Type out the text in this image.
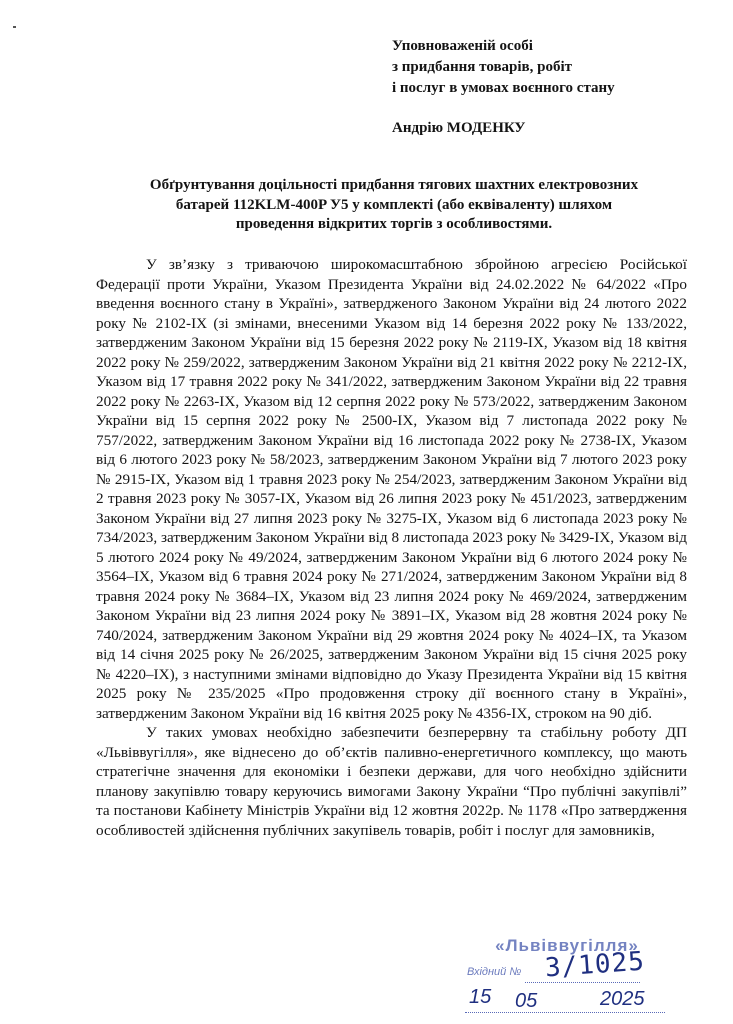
Уповноваженій особі
з придбання товарів, робіт
і послуг в умовах воєнного стану
Андрію МОДЕНКУ
Обґрунтування доцільності придбання тягових шахтних електровозних
батарей 112KLM-400P У5 у комплекті (або еквіваленту) шляхом
проведення відкритих торгів з особливостями.

У зв’язку з триваючою широкомасштабною збройною агресією Російської Федерації проти України, Указом Президента України від 24.02.2022 № 64/2022 «Про введення воєнного стану в Україні», затвердженого Законом України від 24 лютого 2022 року № 2102-IX (зі змінами, внесеними Указом від 14 березня 2022 року № 133/2022, затвердженим Законом України від 15 березня 2022 року № 2119-IX, Указом від 18 квітня 2022 року № 259/2022, затвердженим Законом України від 21 квітня 2022 року № 2212-IX, Указом від 17 травня 2022 року № 341/2022, затвердженим Законом України від 22 травня 2022 року № 2263-IX, Указом від 12 серпня 2022 року № 573/2022, затвердженим Законом України від 15 серпня 2022 року № 2500-IX, Указом від 7 листопада 2022 року № 757/2022, затвердженим Законом України від 16 листопада 2022 року № 2738-IX, Указом від 6 лютого 2023 року № 58/2023, затвердженим Законом України від 7 лютого 2023 року № 2915-IX, Указом від 1 травня 2023 року № 254/2023, затвердженим Законом України від 2 травня 2023 року № 3057-IX, Указом від 26 липня 2023 року № 451/2023, затвердженим Законом України від 27 липня 2023 року № 3275-IX, Указом від 6 листопада 2023 року № 734/2023, затвердженим Законом України від 8 листопада 2023 року № 3429-IX, Указом від 5 лютого 2024 року № 49/2024, затвердженим Законом України від 6 лютого 2024 року № 3564–IX, Указом від 6 травня 2024 року № 271/2024, затвердженим Законом України від 8 травня 2024 року № 3684–IX, Указом від 23 липня 2024 року № 469/2024, затвердженим Законом України від 23 липня 2024 року № 3891–IX, Указом від 28 жовтня 2024 року № 740/2024, затвердженим Законом України від 29 жовтня 2024 року № 4024–IX, та Указом від 14 січня 2025 року № 26/2025, затвердженим Законом України від 15 січня 2025 року № 4220–IX), з наступними змінами відповідно до Указу Президента України від 15 квітня 2025 року № 235/2025 «Про продовження строку дії воєнного стану в Україні», затвердженим Законом України від 16 квітня 2025 року № 4356-IX, строком на 90 діб.

У таких умовах необхідно забезпечити безперервну та стабільну роботу ДП «Львіввугілля», яке віднесено до об’єктів паливно-енергетичного комплексу, що мають стратегічне значення для економіки і безпеки держави, для чого необхідно здійснити планову закупівлю товару керуючись вимогами Закону України “Про публічні закупівлі” та постанови Кабінету Міністрів України від 12 жовтня 2022р. № 1178 «Про затвердження особливостей здійснення публічних закупівель товарів, робіт і послуг для замовників,

«Львіввугілля»
Вхідний № 3/1025
15 05	2025
